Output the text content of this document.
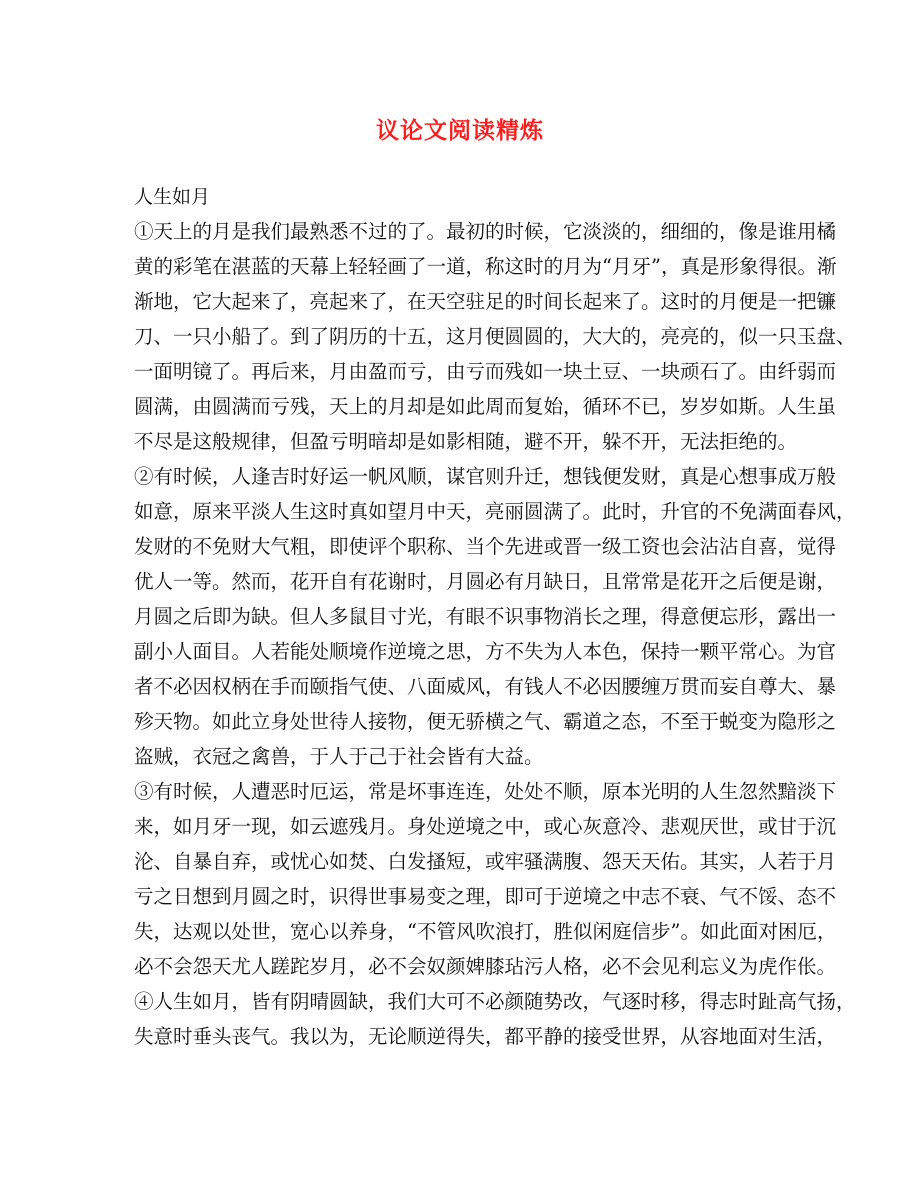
议论文阅读精炼
人生如月
①天上的月是我们最熟悉不过的了。最初的时候，它淡淡的，细细的，像是谁用橘
黄的彩笔在湛蓝的天幕上轻轻画了一道，称这时的月为“月牙”，真是形象得很。渐
渐地，它大起来了，亮起来了，在天空驻足的时间长起来了。这时的月便是一把镰
刀、一只小船了。到了阴历的十五，这月便圆圆的，大大的，亮亮的，似一只玉盘、
一面明镜了。再后来，月由盈而亏，由亏而残如一块土豆、一块顽石了。由纤弱而
圆满，由圆满而亏残，天上的月却是如此周而复始，循环不已，岁岁如斯。人生虽
不尽是这般规律，但盈亏明暗却是如影相随，避不开，躲不开，无法拒绝的。
②有时候，人逢吉时好运一帆风顺，谋官则升迁，想钱便发财，真是心想事成万般
如意，原来平淡人生这时真如望月中天，亮丽圆满了。此时，升官的不免满面春风，
发财的不免财大气粗，即使评个职称、当个先进或晋一级工资也会沾沾自喜，觉得
优人一等。然而，花开自有花谢时，月圆必有月缺日，且常常是花开之后便是谢，
月圆之后即为缺。但人多鼠目寸光，有眼不识事物消长之理，得意便忘形，露出一
副小人面目。人若能处顺境作逆境之思，方不失为人本色，保持一颗平常心。为官
者不必因权柄在手而颐指气使、八面威风，有钱人不必因腰缠万贯而妄自尊大、暴
殄天物。如此立身处世待人接物，便无骄横之气、霸道之态，不至于蜕变为隐形之
盗贼，衣冠之禽兽，于人于己于社会皆有大益。
③有时候，人遭恶时厄运，常是坏事连连，处处不顺，原本光明的人生忽然黯淡下
来，如月牙一现，如云遮残月。身处逆境之中，或心灰意冷、悲观厌世，或甘于沉
沦、自暴自弃，或忧心如焚、白发搔短，或牢骚满腹、怨天天佑。其实，人若于月
亏之日想到月圆之时，识得世事易变之理，即可于逆境之中志不衰、气不馁、态不
失，达观以处世，宽心以养身，“不管风吹浪打，胜似闲庭信步”。如此面对困厄，
必不会怨天尤人蹉跎岁月，必不会奴颜婢膝玷污人格，必不会见利忘义为虎作伥。
④人生如月，皆有阴晴圆缺，我们大可不必颜随势改，气逐时移，得志时趾高气扬，
失意时垂头丧气。我以为，无论顺逆得失，都平静的接受世界，从容地面对生活，
